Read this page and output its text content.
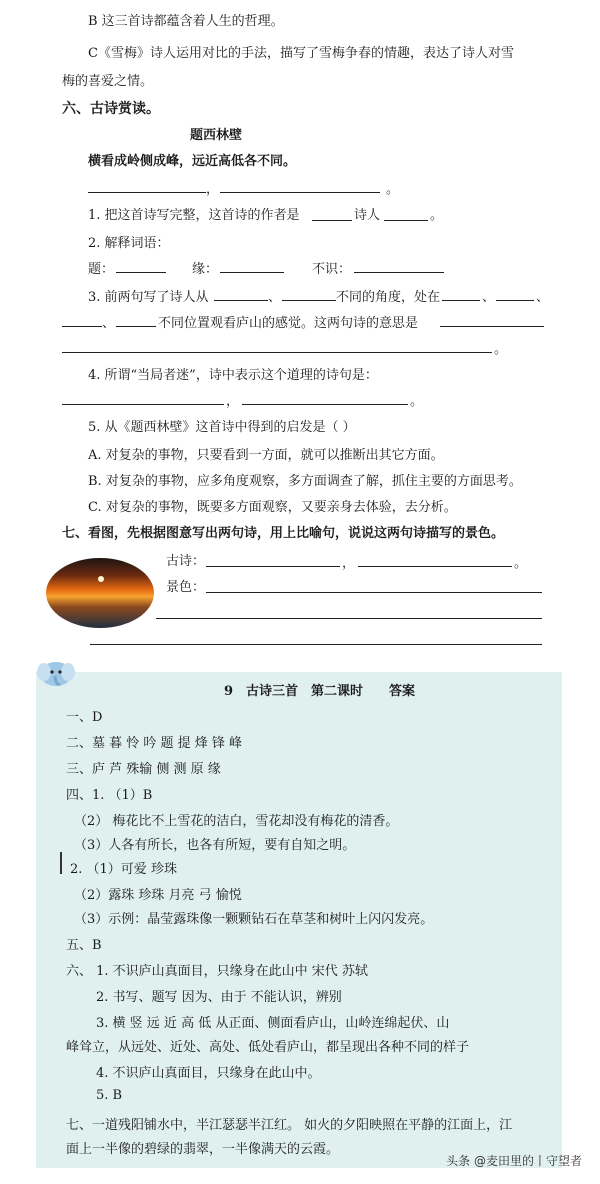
B 这三首诗都蕴含着人生的哲理。
C《雪梅》诗人运用对比的手法，描写了雪梅争春的情趣，表达了诗人对雪
梅的喜爱之情。
六、古诗赏读。
题西林壁
横看成岭侧成峰，远近高低各不同。
，	。
1. 把这首诗写完整，这首诗的作者是	诗人	。
2. 解释词语：
题：	缘：	不识：
3. 前两句写了诗人从	、	不同的角度，处在	、	、
、	不同位置观看庐山的感觉。这两句诗的意思是
。
4. 所谓“当局者迷”，诗中表示这个道理的诗句是：
，	。
5. 从《题西林壁》这首诗中得到的启发是（ ）
A. 对复杂的事物，只要看到一方面，就可以推断出其它方面。
B. 对复杂的事物，应多角度观察，多方面调查了解，抓住主要的方面思考。
C. 对复杂的事物，既要多方面观察，又要亲身去体验，去分析。
七、看图，先根据图意写出两句诗，用上比喻句，说说这两句诗描写的景色。
古诗：	，	。
景色：
9　古诗三首　第二课时　　答案
一、D
二、墓 暮 怜 吟 题 提 烽 锋 峰
三、庐 芦 殊输 侧 测 原 缘
四、1. （1）B
（2） 梅花比不上雪花的洁白，雪花却没有梅花的清香。
（3）人各有所长，也各有所短，要有自知之明。
2. （1）可爱 珍珠
（2）露珠 珍珠 月亮 弓 愉悦
（3）示例：晶莹露珠像一颗颗钻石在草茎和树叶上闪闪发亮。
五、B
六、 1. 不识庐山真面目，只缘身在此山中 宋代 苏轼
2. 书写、题写 因为、由于 不能认识，辨别
3. 横 竖 远 近 高 低 从正面、侧面看庐山，山岭连绵起伏、山
峰耸立，从远处、近处、高处、低处看庐山，都呈现出各种不同的样子
4. 不识庐山真面目，只缘身在此山中。
5. B
七、一道残阳铺水中，半江瑟瑟半江红。 如火的夕阳映照在平静的江面上，江
面上一半像的碧绿的翡翠，一半像满天的云霞。
头条 @麦田里的丨守望者
